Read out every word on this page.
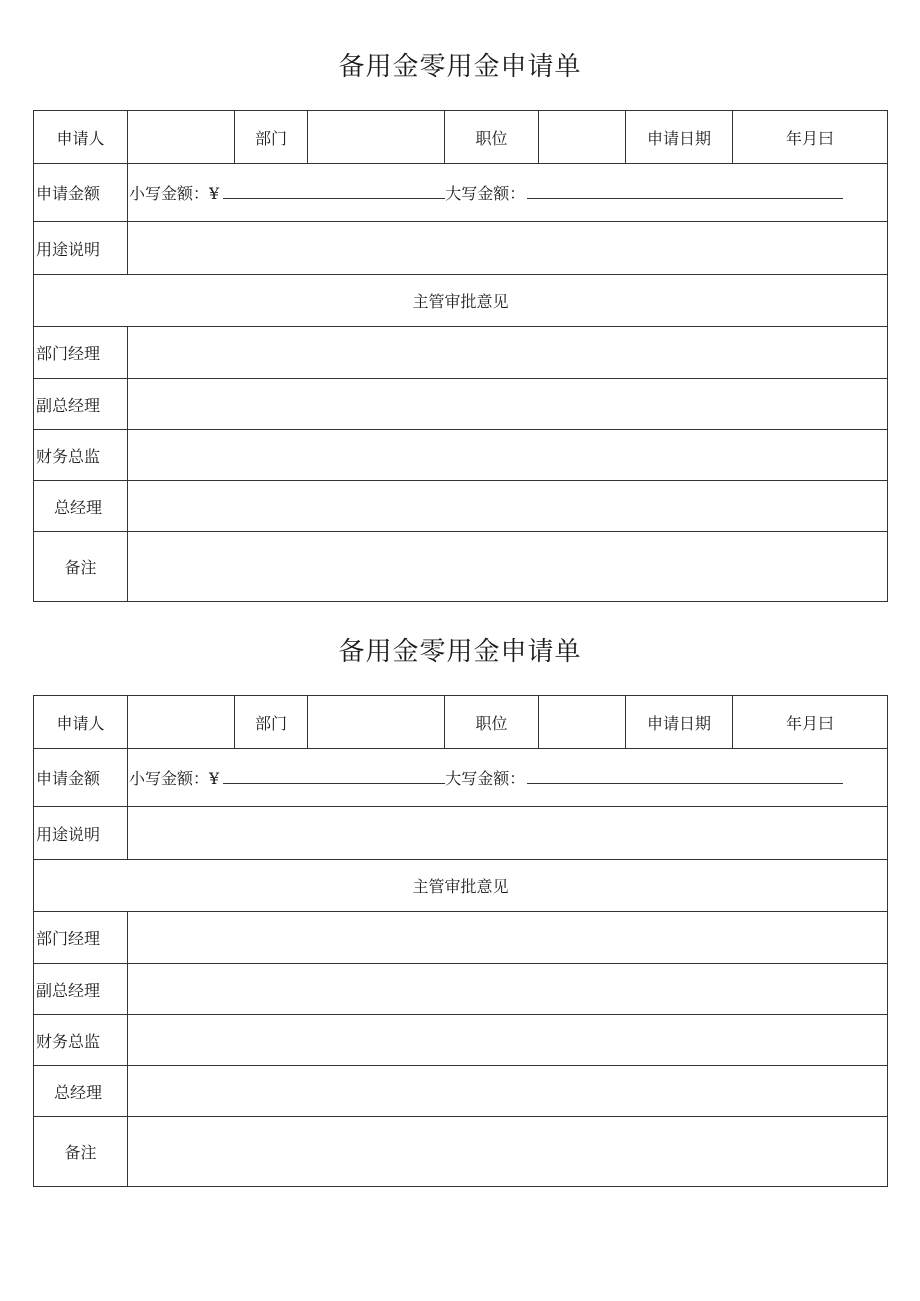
备用金零用金申请单
申请人		部门		职位		申请日期	年月曰
申请金额	小写金额：¥ 大写金额：						
用途说明							
主管审批意见							
部门经理							
副总经理							
财务总监							
总经理							
备注							
备用金零用金申请单
申请人		部门		职位		申请日期	年月曰
申请金额	小写金额：¥ 大写金额：						
用途说明							
主管审批意见							
部门经理							
副总经理							
财务总监							
总经理							
备注							
